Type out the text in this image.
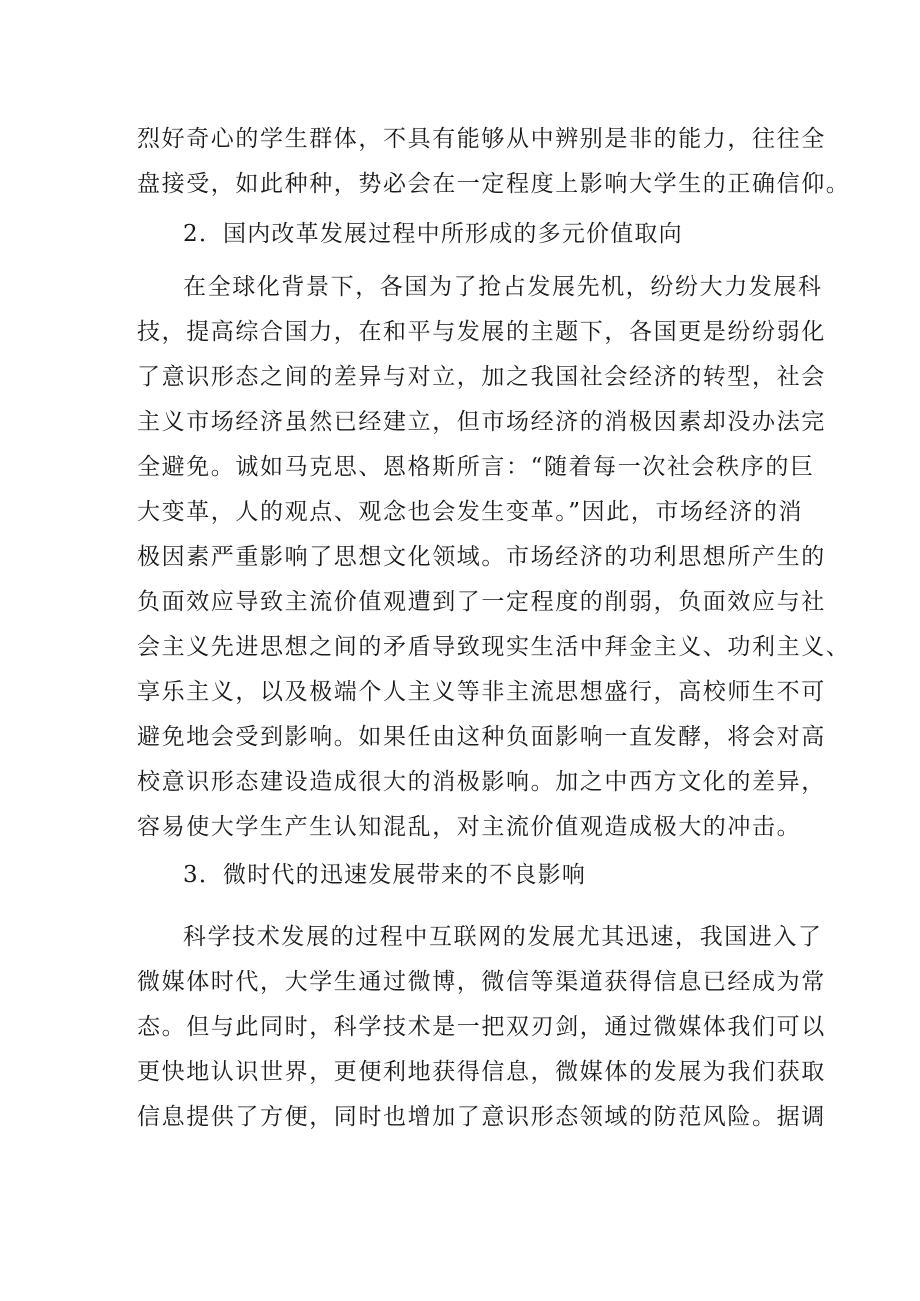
烈好奇心的学生群体，不具有能够从中辨别是非的能力，往往全
盘接受，如此种种，势必会在一定程度上影响大学生的正确信仰。
2．国内改革发展过程中所形成的多元价值取向
在全球化背景下，各国为了抢占发展先机，纷纷大力发展科
技，提高综合国力，在和平与发展的主题下，各国更是纷纷弱化
了意识形态之间的差异与对立，加之我国社会经济的转型，社会
主义市场经济虽然已经建立，但市场经济的消极因素却没办法完
全避免。诚如马克思、恩格斯所言：“随着每一次社会秩序的巨
大变革，人的观点、观念也会发生变革。”因此，市场经济的消
极因素严重影响了思想文化领域。市场经济的功利思想所产生的
负面效应导致主流价值观遭到了一定程度的削弱，负面效应与社
会主义先进思想之间的矛盾导致现实生活中拜金主义、功利主义、
享乐主义，以及极端个人主义等非主流思想盛行，高校师生不可
避免地会受到影响。如果任由这种负面影响一直发酵，将会对高
校意识形态建设造成很大的消极影响。加之中西方文化的差异，
容易使大学生产生认知混乱，对主流价值观造成极大的冲击。
3．微时代的迅速发展带来的不良影响
科学技术发展的过程中互联网的发展尤其迅速，我国进入了
微媒体时代，大学生通过微博，微信等渠道获得信息已经成为常
态。但与此同时，科学技术是一把双刃剑，通过微媒体我们可以
更快地认识世界，更便利地获得信息，微媒体的发展为我们获取
信息提供了方便，同时也增加了意识形态领域的防范风险。据调
